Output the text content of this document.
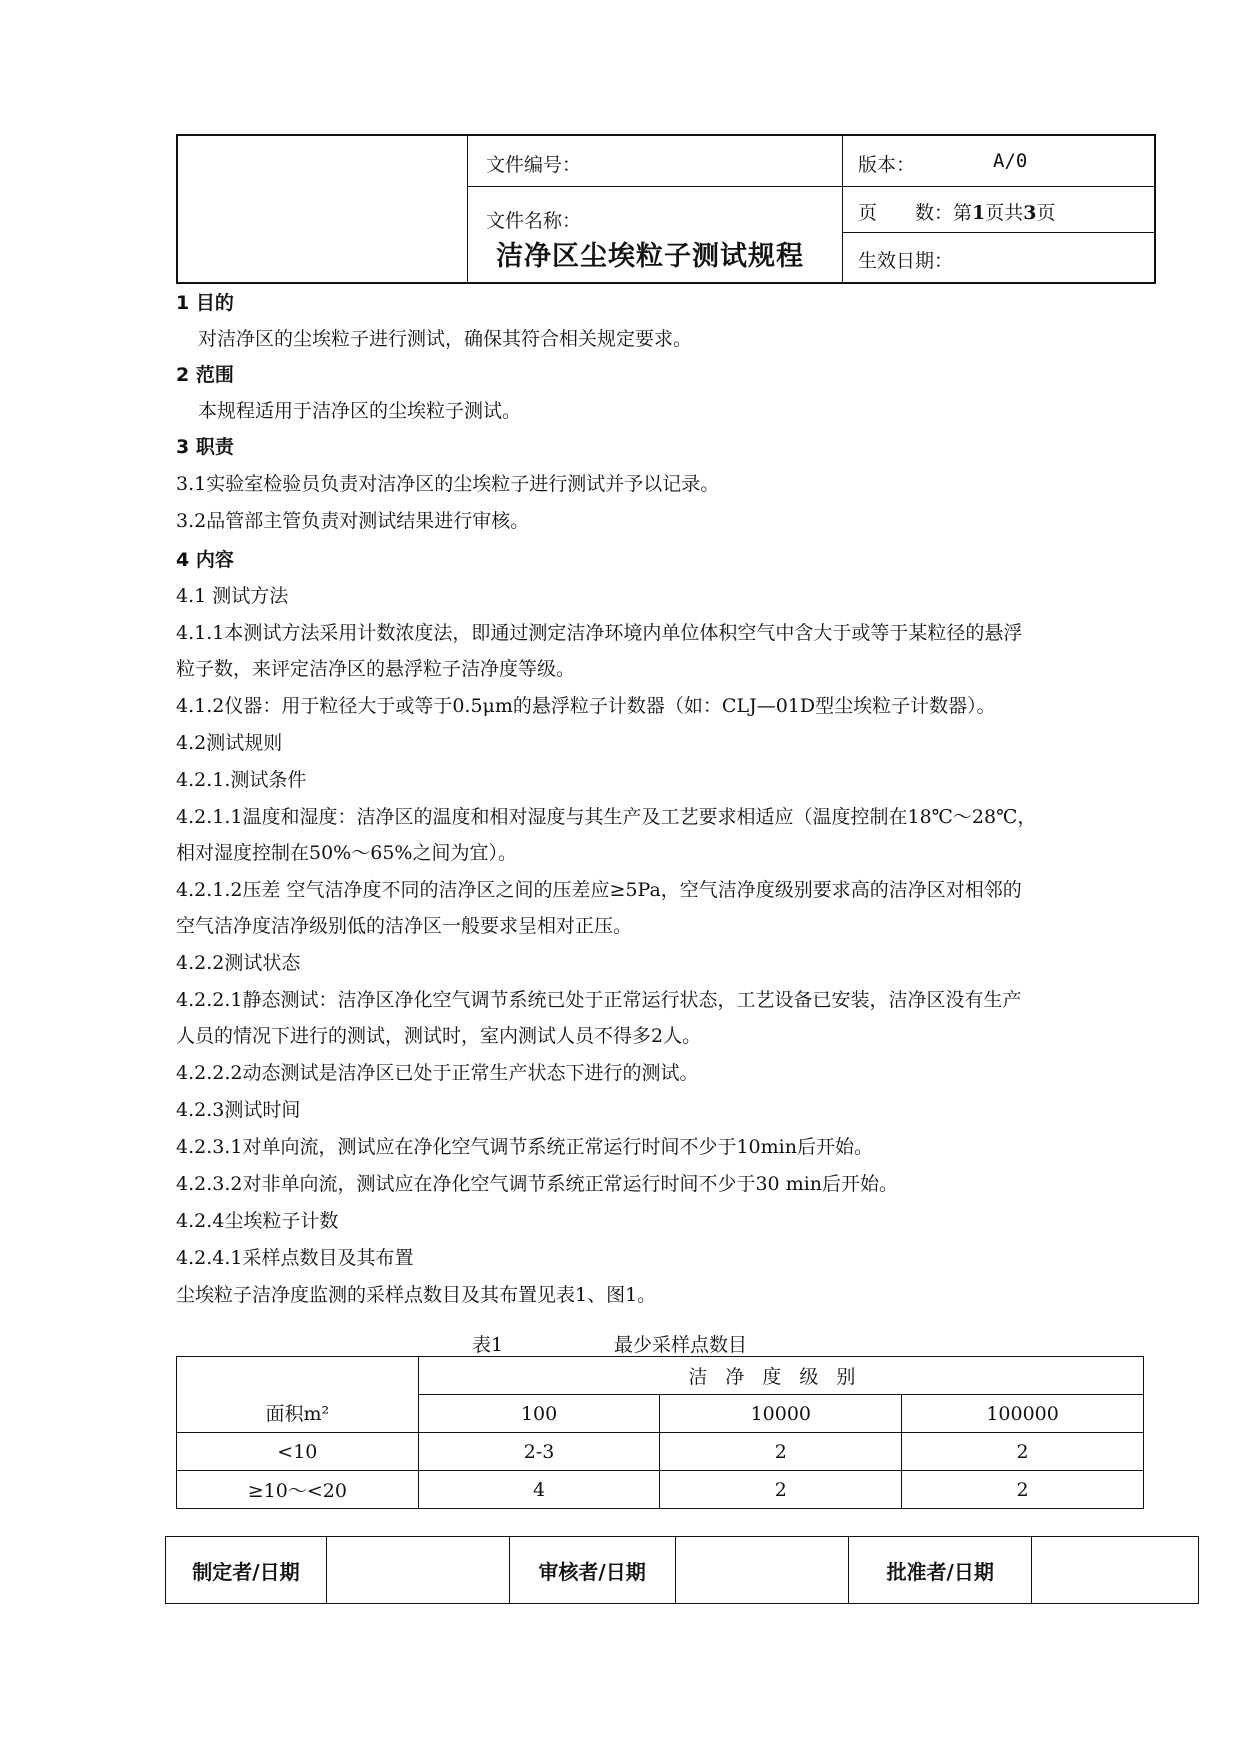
文件编号：	版本：	A/0
文件名称：
洁净区尘埃粒子测试规程
页　　数：第1页共3页
生效日期：
1 目的
对洁净区的尘埃粒子进行测试，确保其符合相关规定要求。
2 范围
本规程适用于洁净区的尘埃粒子测试。
3 职责
3.1实验室检验员负责对洁净区的尘埃粒子进行测试并予以记录。
3.2品管部主管负责对测试结果进行审核。
4 内容
4.1 测试方法
4.1.1本测试方法采用计数浓度法，即通过测定洁净环境内单位体积空气中含大于或等于某粒径的悬浮
粒子数，来评定洁净区的悬浮粒子洁净度等级。
4.1.2仪器：用于粒径大于或等于0.5μm的悬浮粒子计数器（如：CLJ—01D型尘埃粒子计数器）。
4.2测试规则
4.2.1.测试条件
4.2.1.1温度和湿度：洁净区的温度和相对湿度与其生产及工艺要求相适应（温度控制在18℃～28℃，
相对湿度控制在50%～65%之间为宜）。
4.2.1.2压差 空气洁净度不同的洁净区之间的压差应≥5Pa，空气洁净度级别要求高的洁净区对相邻的
空气洁净度洁净级别低的洁净区一般要求呈相对正压。
4.2.2测试状态
4.2.2.1静态测试：洁净区净化空气调节系统已处于正常运行状态，工艺设备已安装，洁净区没有生产
人员的情况下进行的测试，测试时，室内测试人员不得多2人。
4.2.2.2动态测试是洁净区已处于正常生产状态下进行的测试。
4.2.3测试时间
4.2.3.1对单向流，测试应在净化空气调节系统正常运行时间不少于10min后开始。
4.2.3.2对非单向流，测试应在净化空气调节系统正常运行时间不少于30 min后开始。
4.2.4尘埃粒子计数
4.2.4.1采样点数目及其布置
尘埃粒子洁净度监测的采样点数目及其布置见表1、图1。
表1	最少采样点数目
面积m²	洁净度级别		
	100	10000	100000
<10	2-3	2	2
≥10～<20	4	2	2
制定者/日期		审核者/日期		批准者/日期	
